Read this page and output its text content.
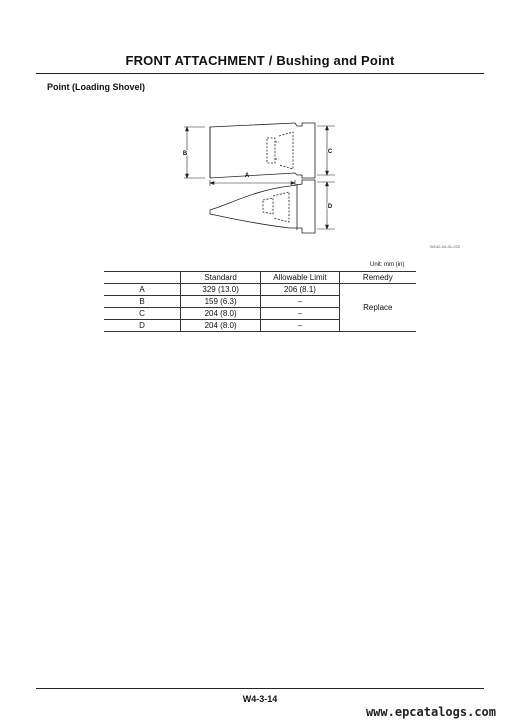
FRONT ATTACHMENT / Bushing and Point
Point (Loading Shovel)
B
A
C
D
W142-04-01-022
Unit: mm (in)
	Standard	Allowable Limit	Remedy
A	329 (13.0)	206 (8.1)	Replace
B	159 (6.3)	–	
C	204 (8.0)	–	
D	204 (8.0)	–	
W4-3-14
www.epcatalogs.com
